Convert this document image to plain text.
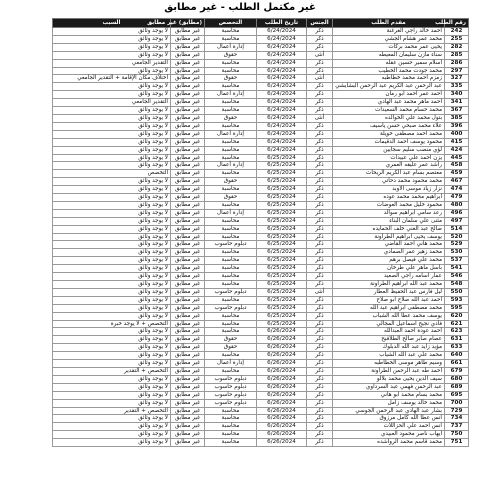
غير مكتمل الطلب - غير مطابق
رقم الطلب	مقدم الطلب	الجنس	تاريخ الطلب	التخصص	(مطابق) غير مطابق	السبب
242	احمد خالد راجي الغرغنة	ذكر	6/24/2024	محاسبة	غير مطابق	لا يوجد وثائق
255	محمد عمر هشام الجشي	ذكر	6/24/2024	محاسبة	غير مطابق	لا يوجد وثائق
282	يحيى عمر محمد بركات	ذكر	6/24/2024	إدارة أعمال	غير مطابق	لا يوجد وثائق
285	سناء مازن سليمان المعيطه	أنثى	6/24/2024	حقوق	غير مطابق	لا يوجد وثائق
286	اسلام سمير حسين عقله	ذكر	6/24/2024	محاسبة	غير مطابق	التقدير الجامعي
297	محمد جودت محمد الخطيب	ذكر	6/24/2024	محاسبة	غير مطابق	لا يوجد وثائق
327	زمزم احمد محمد خطاطبه	أنثى	6/24/2024	حقوق	غير مطابق	اختلاف مكان الإقامة + التقدير الجامعي
335	عبد الرحمن عبد الكريم عبد الرحمن البشايشي	ذكر	6/24/2024	محاسبة	غير مطابق	لا يوجد وثائق
340	احمد عمر احمد ابو رمان	ذكر	6/24/2024	إدارة أعمال	غير مطابق	لا يوجد وثائق
341	احمد ماهر محمد عبد الهادي	ذكر	6/24/2024	محاسبة	غير مطابق	التقدير الجامعي
367	محمد حسام محمد السعيدات	ذكر	6/24/2024	محاسبة	غير مطابق	لا يوجد وثائق
385	بتول محمد علي الخوالده	أنثى	6/24/2024	حقوق	غير مطابق	لا يوجد وثائق
396	علاء محمد صبحي حسن ياسيف	ذكر	6/24/2024	محاسبة	غير مطابق	لا يوجد وثائق
400	محمد احمد مصطفى خويلة	ذكر	6/24/2024	إدارة أعمال	غير مطابق	لا يوجد وثائق
415	محمود يوسف احمد الدقيمات	ذكر	6/24/2024	محاسبة	غير مطابق	لا يوجد وثائق
424	لؤي منصب سليم سجايين	ذكر	6/24/2024	محاسبة	غير مطابق	لا يوجد وثائق
445	يزن احمد علي عبيدات	ذكر	6/25/2024	محاسبة	غير مطابق	لا يوجد وثائق
458	راشد عمر عليقه العمري	ذكر	6/25/2024	إدارة أعمال	غير مطابق	لا يوجد وثائق
459	معتصم بسام عبد الكريم الريحات	ذكر	6/25/2024	محاسبة	غير مطابق	التخصص
467	محمد محمود محمد دحاتي	ذكر	6/25/2024	حقوق	غير مطابق	لا يوجد وثائق
474	نزار زياد موسى الاوبد	ذكر	6/25/2024	محاسبة	غير مطابق	لا يوجد وثائق
479	ابراهيم محمد محمد عوده	ذكر	6/25/2024	حقوق	غير مطابق	لا يوجد وثائق
480	محمود خليل محمد العوضات	ذكر	6/25/2024	محاسبة	غير مطابق	لا يوجد وثائق
496	رعد سامي ابراهيم سوالد	ذكر	6/25/2024	إدارة أعمال	غير مطابق	لا يوجد وثائق
497	مثنى علي سلمان البناء	ذكر	6/25/2024	محاسبة	غير مطابق	لا يوجد وثائق
514	صالح عبد الغني خلف الحمايده	ذكر	6/25/2024	محاسبة	غير مطابق	لا يوجد وثائق
520	يوسف يحيى ابراهيم الطراونة	ذكر	6/25/2024	محاسبة	غير مطابق	لا يوجد وثائق
529	محمد هاني احمد القاضي	ذكر	6/25/2024	دبلوم حاسوب	غير مطابق	لا يوجد وثائق
530	محمد زهير عمر الصمادي	ذكر	6/25/2024	محاسبة	غير مطابق	لا يوجد وثائق
537	محمد علي فيصل برهم	ذكر	6/25/2024	محاسبة	غير مطابق	لا يوجد وثائق
541	باسل ماهر علي طرخان	ذكر	6/25/2024	محاسبة	غير مطابق	لا يوجد وثائق
546	عمار اسامه راجي الصعيد	ذكر	6/25/2024	محاسبة	غير مطابق	لا يوجد وثائق
548	محمد عبد الله ابراهيم الطراونة	ذكر	6/25/2024	محاسبة	غير مطابق	لا يوجد وثائق
550	ليل فارس عبد الحفيظ العطار	أنثى	6/25/2024	دبلوم حاسوب	غير مطابق	لا يوجد وثائق
593	احمد عبد الله صلاح ابو صلاح	ذكر	6/25/2024	محاسبة	غير مطابق	لا يوجد وثائق
595	محمد مصطفى ابراهيم عبد الله	ذكر	6/25/2024	دبلوم حاسوب	غير مطابق	لا يوجد وثائق
620	يوسف محمد عطا الله الشباب	ذكر	6/25/2024	محاسبة	غير مطابق	لا يوجد وثائق
621	فادي نجيح اسماعيل المجالي	ذكر	6/25/2024	محاسبة	غير مطابق	التخصص + لا يوجد خبرة
623	احمد عودة احمد العبدالله	ذكر	6/26/2024	محاسبة	غير مطابق	لا يوجد وثائق
631	عصام صابر صالح الطلافيح	ذكر	6/26/2024	حقوق	غير مطابق	لا يوجد وثائق
633	مؤيد زايد عبد الله الدبلوك	ذكر	6/26/2024	حقوق	غير مطابق	لا يوجد وثائق
640	محمد علي عبد الله الشياب	ذكر	6/26/2024	محاسبة	غير مطابق	لا يوجد وثائق
661	وسيم طاهر موسى الخطاطبه	ذكر	6/26/2024	إدارة أعمال	غير مطابق	لا يوجد وثائق
679	احمد طه عبد الرحمن الطراونة	ذكر	6/26/2024	محاسبة	غير مطابق	التخصص + التقدير
680	سيف الدين يحيى محمد بلالو	ذكر	6/26/2024	دبلوم حاسوب	غير مطابق	لا يوجد وثائق
689	عبد الرحمن فهمي عبد السرداوي	ذكر	6/26/2024	دبلوم حاسوب	غير مطابق	لا يوجد وثائق
695	محمد بسام محمد ابو هاني	ذكر	6/26/2024	دبلوم حاسوب	غير مطابق	لا يوجد وثائق
700	محمد خالد يوسف زامل	ذكر	6/26/2024	دبلوم حاسوب	غير مطابق	لا يوجد وثائق
729	بشار عبد الهادي عبد الرحمن الجوسي	ذكر	6/26/2024	محاسبة	غير مطابق	التخصص + التقدير
734	انس عطا الله كامل مرزوق	ذكر	6/26/2024	محاسبة	غير مطابق	لا يوجد وثائق
737	انس احمد علي الحزاللات	ذكر	6/26/2024	محاسبة	غير مطابق	لا يوجد وثائق
750	ايهاب ناصر محمود العبيدي	ذكر	6/26/2024	محاسبة	غير مطابق	لا يوجد وثائق
751	محمد قاسم محمد الرواشده	ذكر	6/26/2024	محاسبة	غير مطابق	لا يوجد وثائق
